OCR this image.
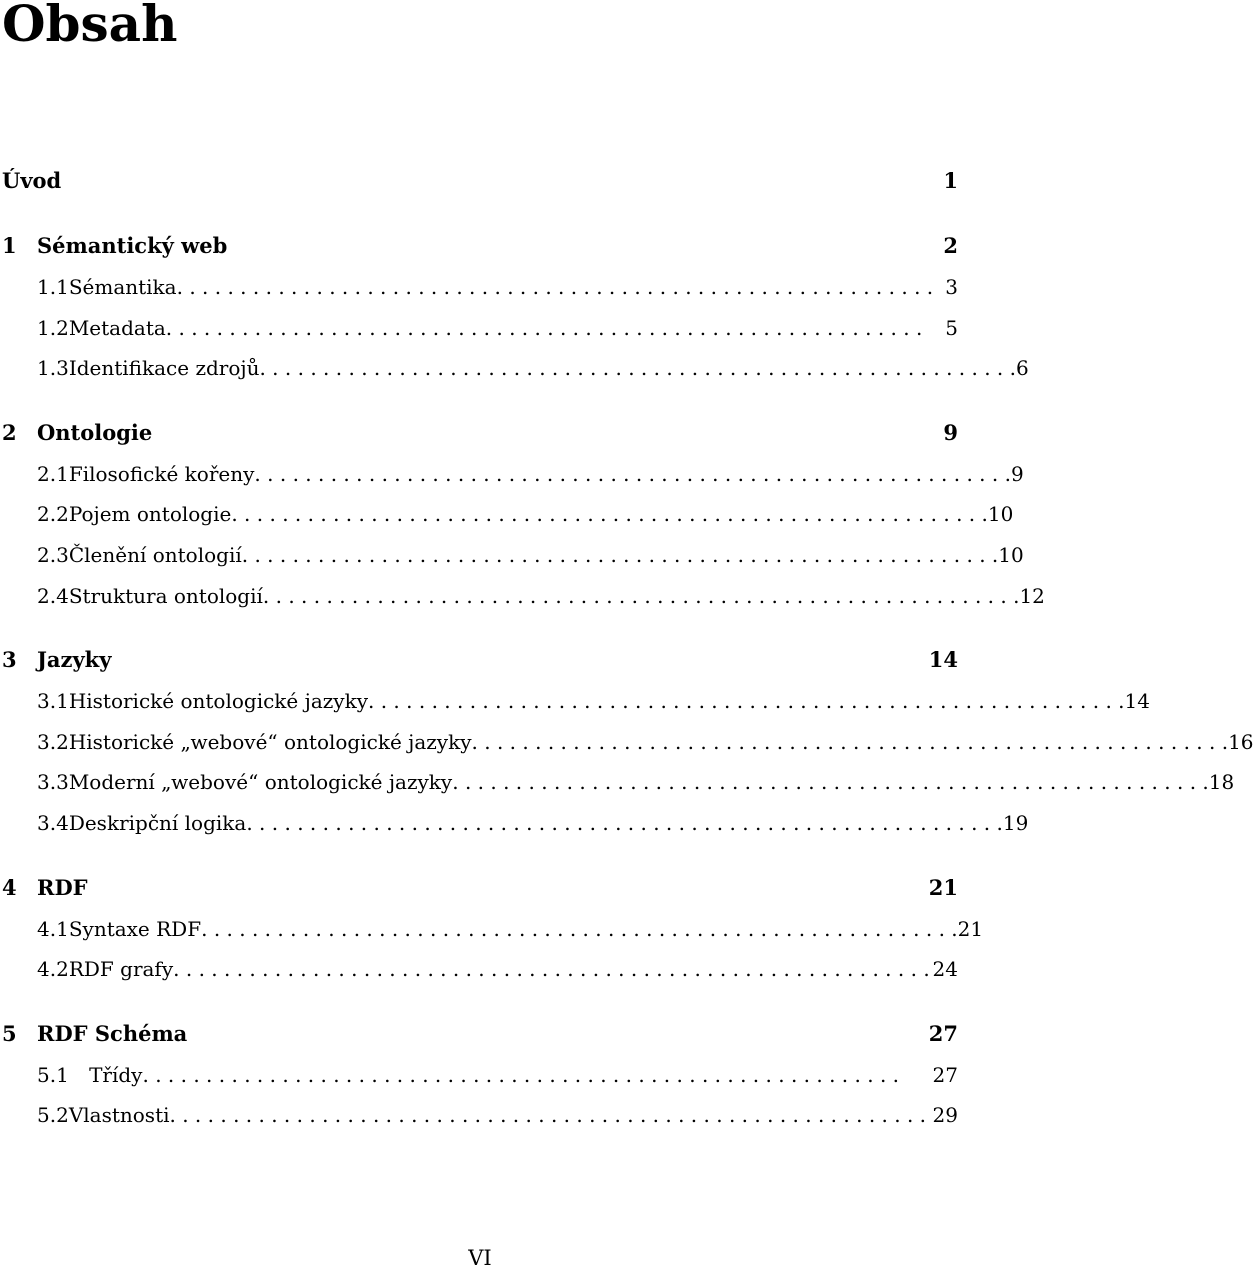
Obsah
Úvod	1
1 Sémantický web	2
1.1 Sémantika . . . . . . . . . . . . . . . . . . . . . . . . . . . . . . . . . . . . . . . . . . . . . . . . . . . . . . . . . . . . 3
1.2 Metadata . . . . . . . . . . . . . . . . . . . . . . . . . . . . . . . . . . . . . . . . . . . . . . . . . . . . . . . . . . . .	5
1.3 Identifikace zdrojů . . . . . . . . . . . . . . . . . . . . . . . . . . . . . . . . . . . . . . . . . . . . . . . . . . . . . . . . . . . . 6
2 Ontologie	9
2.1 Filosofické kořeny . . . . . . . . . . . . . . . . . . . . . . . . . . . . . . . . . . . . . . . . . . . . . . . . . . . . . . . . . . . . 9
2.2 Pojem ontologie . . . . . . . . . . . . . . . . . . . . . . . . . . . . . . . . . . . . . . . . . . . . . . . . . . . . . . . . . . . . 10
2.3 Členění ontologií . . . . . . . . . . . . . . . . . . . . . . . . . . . . . . . . . . . . . . . . . . . . . . . . . . . . . . . . . . . . 10
2.4 Struktura ontologií . . . . . . . . . . . . . . . . . . . . . . . . . . . . . . . . . . . . . . . . . . . . . . . . . . . . . . . . . . . . 12
3 Jazyky	14
3.1 Historické ontologické jazyky . . . . . . . . . . . . . . . . . . . . . . . . . . . . . . . . . . . . . . . . . . . . . . . . . . . . . . . . . . . . 14
3.2 Historické „webové“ ontologické jazyky . . . . . . . . . . . . . . . . . . . . . . . . . . . . . . . . . . . . . . . . . . . . . . . . . . . . . . . . . . . . 16
3.3 Moderní „webové“ ontologické jazyky . . . . . . . . . . . . . . . . . . . . . . . . . . . . . . . . . . . . . . . . . . . . . . . . . . . . . . . . . . . . 18
3.4 Deskripční logika . . . . . . . . . . . . . . . . . . . . . . . . . . . . . . . . . . . . . . . . . . . . . . . . . . . . . . . . . . . . 19
4 RDF	21
4.1 Syntaxe RDF . . . . . . . . . . . . . . . . . . . . . . . . . . . . . . . . . . . . . . . . . . . . . . . . . . . . . . . . . . . . 21
4.2 RDF grafy . . . . . . . . . . . . . . . . . . . . . . . . . . . . . . . . . . . . . . . . . . . . . . . . . . . . . . . . . . . . 24
5 RDF Schéma	27
5.1	Třídy . . . . . . . . . . . . . . . . . . . . . . . . . . . . . . . . . . . . . . . . . . . . . . . . . . . . . . . . . . . .	27
5.2 Vlastnosti . . . . . . . . . . . . . . . . . . . . . . . . . . . . . . . . . . . . . . . . . . . . . . . . . . . . . . . . . . . . 29
VI
